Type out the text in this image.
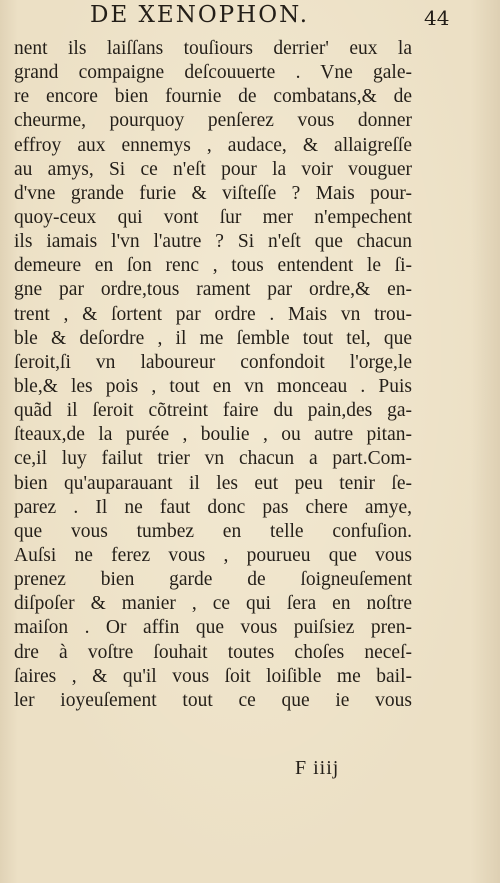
DE XENOPHON.	44
nent ils laiſſans touſiours derrier' eux la
grand compaigne deſcouuerte . Vne gale-
re encore bien fournie de combatans,& de
cheurme, pourquoy penſerez vous donner
effroy aux ennemys , audace, & allaigreſſe
au amys, Si ce n'eſt pour la voir vouguer
d'vne grande furie & viſteſſe ? Mais pour-
quoy-ceux qui vont ſur mer n'empechent
ils iamais l'vn l'autre ? Si n'eſt que chacun
demeure en ſon renc , tous entendent le ſi-
gne par ordre,tous rament par ordre,& en-
trent , & ſortent par ordre . Mais vn trou-
ble & deſordre , il me ſemble tout tel, que
ſeroit,ſi vn laboureur confondoit l'orge,le
ble,& les pois , tout en vn monceau . Puis
quãd il ſeroit cõtreint faire du pain,des ga-
ſteaux,de la purée , boulie , ou autre pitan-
ce,il luy failut trier vn chacun a part.Com-
bien qu'auparauant il les eut peu tenir ſe-
parez . Il ne faut donc pas chere amye,
que vous tumbez en telle confuſion.
Auſsi ne ferez vous , pourueu que vous
prenez bien garde de ſoigneuſement
diſpoſer & manier , ce qui ſera en noſtre
maiſon . Or affin que vous puiſsiez pren-
dre à voſtre ſouhait toutes choſes neceſ-
ſaires , & qu'il vous ſoit loiſible me bail-
ler ioyeuſement tout ce que ie vous
F iiij
